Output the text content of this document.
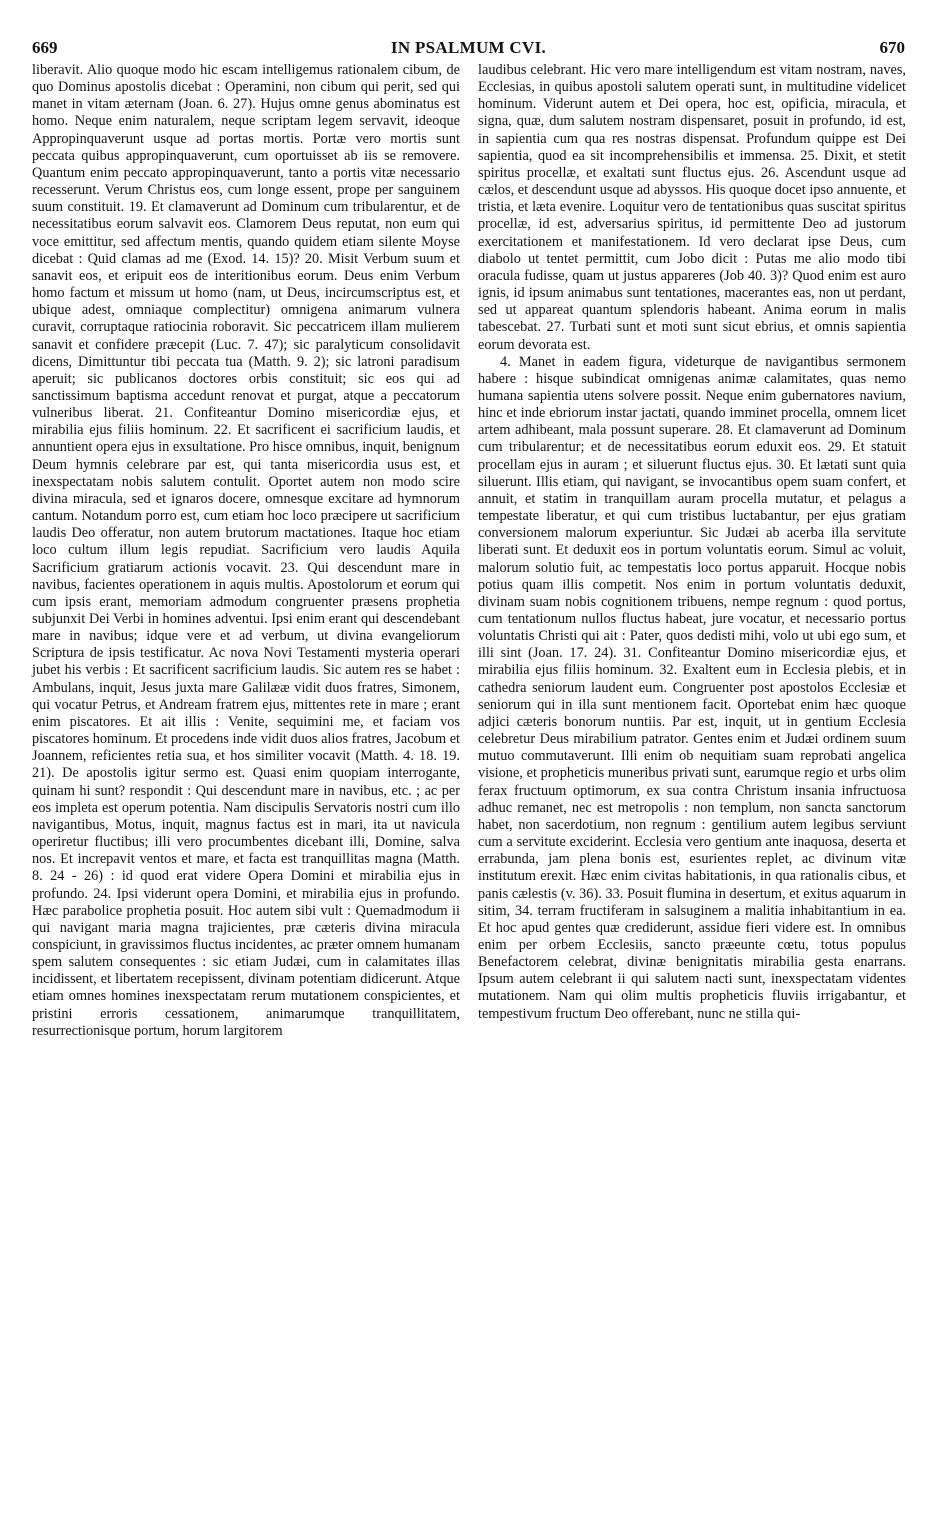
669	IN PSALMUM CVI.	670

liberavit. Alio quoque modo hic escam intelligemus rationalem cibum, de quo Dominus apostolis dicebat : Operamini, non cibum qui perit, sed qui manet in vitam æternam (Joan. 6. 27). Hujus omne genus abominatus est homo. Neque enim naturalem, neque scriptam legem servavit, ideoque Appropinquaverunt usque ad portas mortis. Portæ vero mortis sunt peccata quibus appropinquaverunt, cum oportuisset ab iis se removere. Quantum enim peccato appropinquaverunt, tanto a portis vitæ necessario recesserunt. Verum Christus eos, cum longe essent, prope per sanguinem suum constituit. 19. Et clamaverunt ad Dominum cum tribularentur, et de necessitatibus eorum salvavit eos. Clamorem Deus reputat, non eum qui voce emittitur, sed affectum mentis, quando quidem etiam silente Moyse dicebat : Quid clamas ad me (Exod. 14. 15)? 20. Misit Verbum suum et sanavit eos, et eripuit eos de interitionibus eorum. Deus enim Verbum homo factum et missum ut homo (nam, ut Deus, incircumscriptus est, et ubique adest, omniaque complectitur) omnigena animarum vulnera curavit, corruptaque ratiocinia roboravit. Sic peccatricem illam mulierem sanavit et confidere præcepit (Luc. 7. 47); sic paralyticum consolidavit dicens, Dimittuntur tibi peccata tua (Matth. 9. 2); sic latroni paradisum aperuit; sic publicanos doctores orbis constituit; sic eos qui ad sanctissimum baptisma accedunt renovat et purgat, atque a peccatorum vulneribus liberat. 21. Confiteantur Domino misericordiæ ejus, et mirabilia ejus filiis hominum. 22. Et sacrificent ei sacrificium laudis, et annuntient opera ejus in exsultatione. Pro hisce omnibus, inquit, benignum Deum hymnis celebrare par est, qui tanta misericordia usus est, et inexspectatam nobis salutem contulit. Oportet autem non modo scire divina miracula, sed et ignaros docere, omnesque excitare ad hymnorum cantum. Notandum porro est, cum etiam hoc loco præcipere ut sacrificium laudis Deo offeratur, non autem brutorum mactationes. Itaque hoc etiam loco cultum illum legis repudiat. Sacrificium vero laudis Aquila Sacrificium gratiarum actionis vocavit. 23. Qui descendunt mare in navibus, facientes operationem in aquis multis. Apostolorum et eorum qui cum ipsis erant, memoriam admodum congruenter præsens prophetia subjunxit Dei Verbi in homines adventui. Ipsi enim erant qui descendebant mare in navibus; idque vere et ad verbum, ut divina evangeliorum Scriptura de ipsis testificatur. Ac nova Novi Testamenti mysteria operari jubet his verbis : Et sacrificent sacrificium laudis. Sic autem res se habet : Ambulans, inquit, Jesus juxta mare Galilææ vidit duos fratres, Simonem, qui vocatur Petrus, et Andream fratrem ejus, mittentes rete in mare ; erant enim piscatores. Et ait illis : Venite, sequimini me, et faciam vos piscatores hominum. Et procedens inde vidit duos alios fratres, Jacobum et Joannem, reficientes retia sua, et hos similiter vocavit (Matth. 4. 18. 19. 21). De apostolis igitur sermo est. Quasi enim quopiam interrogante, quinam hi sunt? respondit : Qui descendunt mare in navibus, etc. ; ac per eos impleta est operum potentia. Nam discipulis Servatoris nostri cum illo navigantibus, Motus, inquit, magnus factus est in mari, ita ut navicula operiretur fluctibus; illi vero procumbentes dicebant illi, Domine, salva nos. Et increpavit ventos et mare, et facta est tranquillitas magna (Matth. 8. 24 - 26) : id quod erat videre Opera Domini et mirabilia ejus in profundo. 24. Ipsi viderunt opera Domini, et mirabilia ejus in profundo. Hæc parabolice prophetia posuit. Hoc autem sibi vult : Quemadmodum ii qui navigant maria magna trajicientes, præ cæteris divina miracula conspiciunt, in gravissimos fluctus incidentes, ac præter omnem humanam spem salutem consequentes : sic etiam Judæi, cum in calamitates illas incidissent, et libertatem recepissent, divinam potentiam didicerunt. Atque etiam omnes homines inexspectatam rerum mutationem conspicientes, et pristini erroris cessationem, animarumque tranquillitatem, resurrectionisque portum, horum largitorem

laudibus celebrant. Hic vero mare intelligendum est vitam nostram, naves, Ecclesias, in quibus apostoli salutem operati sunt, in multitudine videlicet hominum. Viderunt autem et Dei opera, hoc est, opificia, miracula, et signa, quæ, dum salutem nostram dispensaret, posuit in profundo, id est, in sapientia cum qua res nostras dispensat. Profundum quippe est Dei sapientia, quod ea sit incomprehensibilis et immensa. 25. Dixit, et stetit spiritus procellæ, et exaltati sunt fluctus ejus. 26. Ascendunt usque ad cælos, et descendunt usque ad abyssos. His quoque docet ipso annuente, et tristia, et læta evenire. Loquitur vero de tentationibus quas suscitat spiritus procellæ, id est, adversarius spiritus, id permittente Deo ad justorum exercitationem et manifestationem. Id vero declarat ipse Deus, cum diabolo ut tentet permittit, cum Jobo dicit : Putas me alio modo tibi oracula fudisse, quam ut justus appareres (Job 40. 3)? Quod enim est auro ignis, id ipsum animabus sunt tentationes, macerantes eas, non ut perdant, sed ut appareat quantum splendoris habeant. Anima eorum in malis tabescebat. 27. Turbati sunt et moti sunt sicut ebrius, et omnis sapientia eorum devorata est.

4. Manet in eadem figura, videturque de navigantibus sermonem habere : hisque subindicat omnigenas animæ calamitates, quas nemo humana sapientia utens solvere possit. Neque enim gubernatores navium, hinc et inde ebriorum instar jactati, quando imminet procella, omnem licet artem adhibeant, mala possunt superare. 28. Et clamaverunt ad Dominum cum tribularentur; et de necessitatibus eorum eduxit eos. 29. Et statuit procellam ejus in auram ; et siluerunt fluctus ejus. 30. Et lætati sunt quia siluerunt. Illis etiam, qui navigant, se invocantibus opem suam confert, et annuit, et statim in tranquillam auram procella mutatur, et pelagus a tempestate liberatur, et qui cum tristibus luctabantur, per ejus gratiam conversionem malorum experiuntur. Sic Judæi ab acerba illa servitute liberati sunt. Et deduxit eos in portum voluntatis eorum. Simul ac voluit, malorum solutio fuit, ac tempestatis loco portus apparuit. Hocque nobis potius quam illis competit. Nos enim in portum voluntatis deduxit, divinam suam nobis cognitionem tribuens, nempe regnum : quod portus, cum tentationum nullos fluctus habeat, jure vocatur, et necessario portus voluntatis Christi qui ait : Pater, quos dedisti mihi, volo ut ubi ego sum, et illi sint (Joan. 17. 24). 31. Confiteantur Domino misericordiæ ejus, et mirabilia ejus filiis hominum. 32. Exaltent eum in Ecclesia plebis, et in cathedra seniorum laudent eum. Congruenter post apostolos Ecclesiæ et seniorum qui in illa sunt mentionem facit. Oportebat enim hæc quoque adjici cæteris bonorum nuntiis. Par est, inquit, ut in gentium Ecclesia celebretur Deus mirabilium patrator. Gentes enim et Judæi ordinem suum mutuo commutaverunt. Illi enim ob nequitiam suam reprobati angelica visione, et propheticis muneribus privati sunt, earumque regio et urbs olim ferax fructuum optimorum, ex sua contra Christum insania infructuosa adhuc remanet, nec est metropolis : non templum, non sancta sanctorum habet, non sacerdotium, non regnum : gentilium autem legibus serviunt cum a servitute exciderint. Ecclesia vero gentium ante inaquosa, deserta et errabunda, jam plena bonis est, esurientes replet, ac divinum vitæ institutum erexit. Hæc enim civitas habitationis, in qua rationalis cibus, et panis cælestis (v. 36). 33. Posuit flumina in desertum, et exitus aquarum in sitim, 34. terram fructiferam in salsuginem a malitia inhabitantium in ea. Et hoc apud gentes quæ crediderunt, assidue fieri videre est. In omnibus enim per orbem Ecclesiis, sancto præeunte cœtu, totus populus Benefactorem celebrat, divinæ benignitatis mirabilia gesta enarrans. Ipsum autem celebrant ii qui salutem nacti sunt, inexspectatam videntes mutationem. Nam qui olim multis propheticis fluviis irrigabantur, et tempestivum fructum Deo offerebant, nunc ne stilla qui-
